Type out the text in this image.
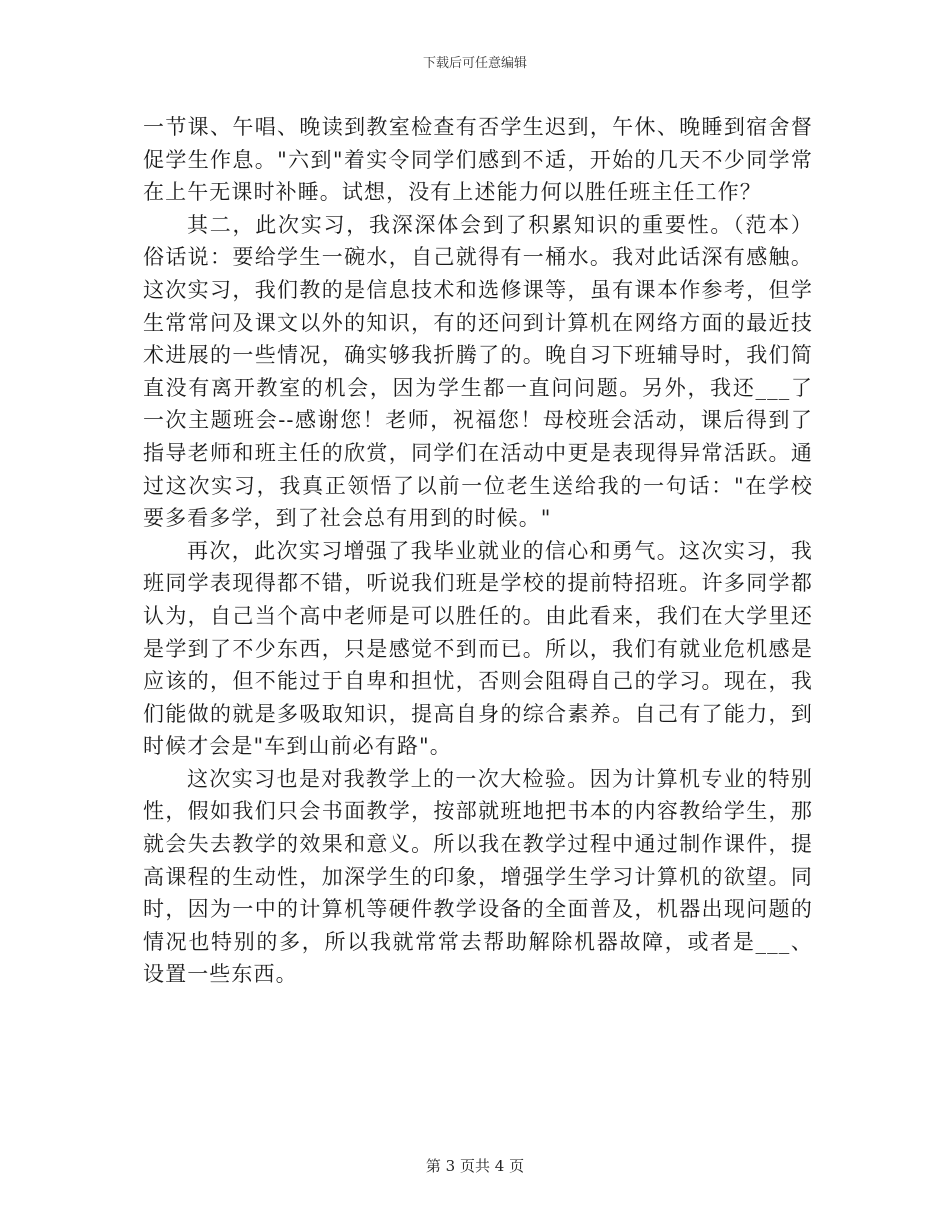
下载后可任意编辑

一节课、午唱、晚读到教室检查有否学生迟到，午休、晚睡到宿舍督促学生作息。"六到"着实令同学们感到不适，开始的几天不少同学常在上午无课时补睡。试想，没有上述能力何以胜任班主任工作？

其二，此次实习，我深深体会到了积累知识的重要性。（范本）俗话说：要给学生一碗水，自己就得有一桶水。我对此话深有感触。这次实习，我们教的是信息技术和选修课等，虽有课本作参考，但学生常常问及课文以外的知识，有的还问到计算机在网络方面的最近技术进展的一些情况，确实够我折腾了的。晚自习下班辅导时，我们简直没有离开教室的机会，因为学生都一直问问题。另外，我还___了一次主题班会--感谢您！老师，祝福您！母校班会活动，课后得到了指导老师和班主任的欣赏，同学们在活动中更是表现得异常活跃。通过这次实习，我真正领悟了以前一位老生送给我的一句话："在学校要多看多学，到了社会总有用到的时候。"

再次，此次实习增强了我毕业就业的信心和勇气。这次实习，我班同学表现得都不错，听说我们班是学校的提前特招班。许多同学都认为，自己当个高中老师是可以胜任的。由此看来，我们在大学里还是学到了不少东西，只是感觉不到而已。所以，我们有就业危机感是应该的，但不能过于自卑和担忧，否则会阻碍自己的学习。现在，我们能做的就是多吸取知识，提高自身的综合素养。自己有了能力，到时候才会是"车到山前必有路"。

这次实习也是对我教学上的一次大检验。因为计算机专业的特别性，假如我们只会书面教学，按部就班地把书本的内容教给学生，那就会失去教学的效果和意义。所以我在教学过程中通过制作课件，提高课程的生动性，加深学生的印象，增强学生学习计算机的欲望。同时，因为一中的计算机等硬件教学设备的全面普及，机器出现问题的情况也特别的多，所以我就常常去帮助解除机器故障，或者是___、设置一些东西。

第 3 页共 4 页
